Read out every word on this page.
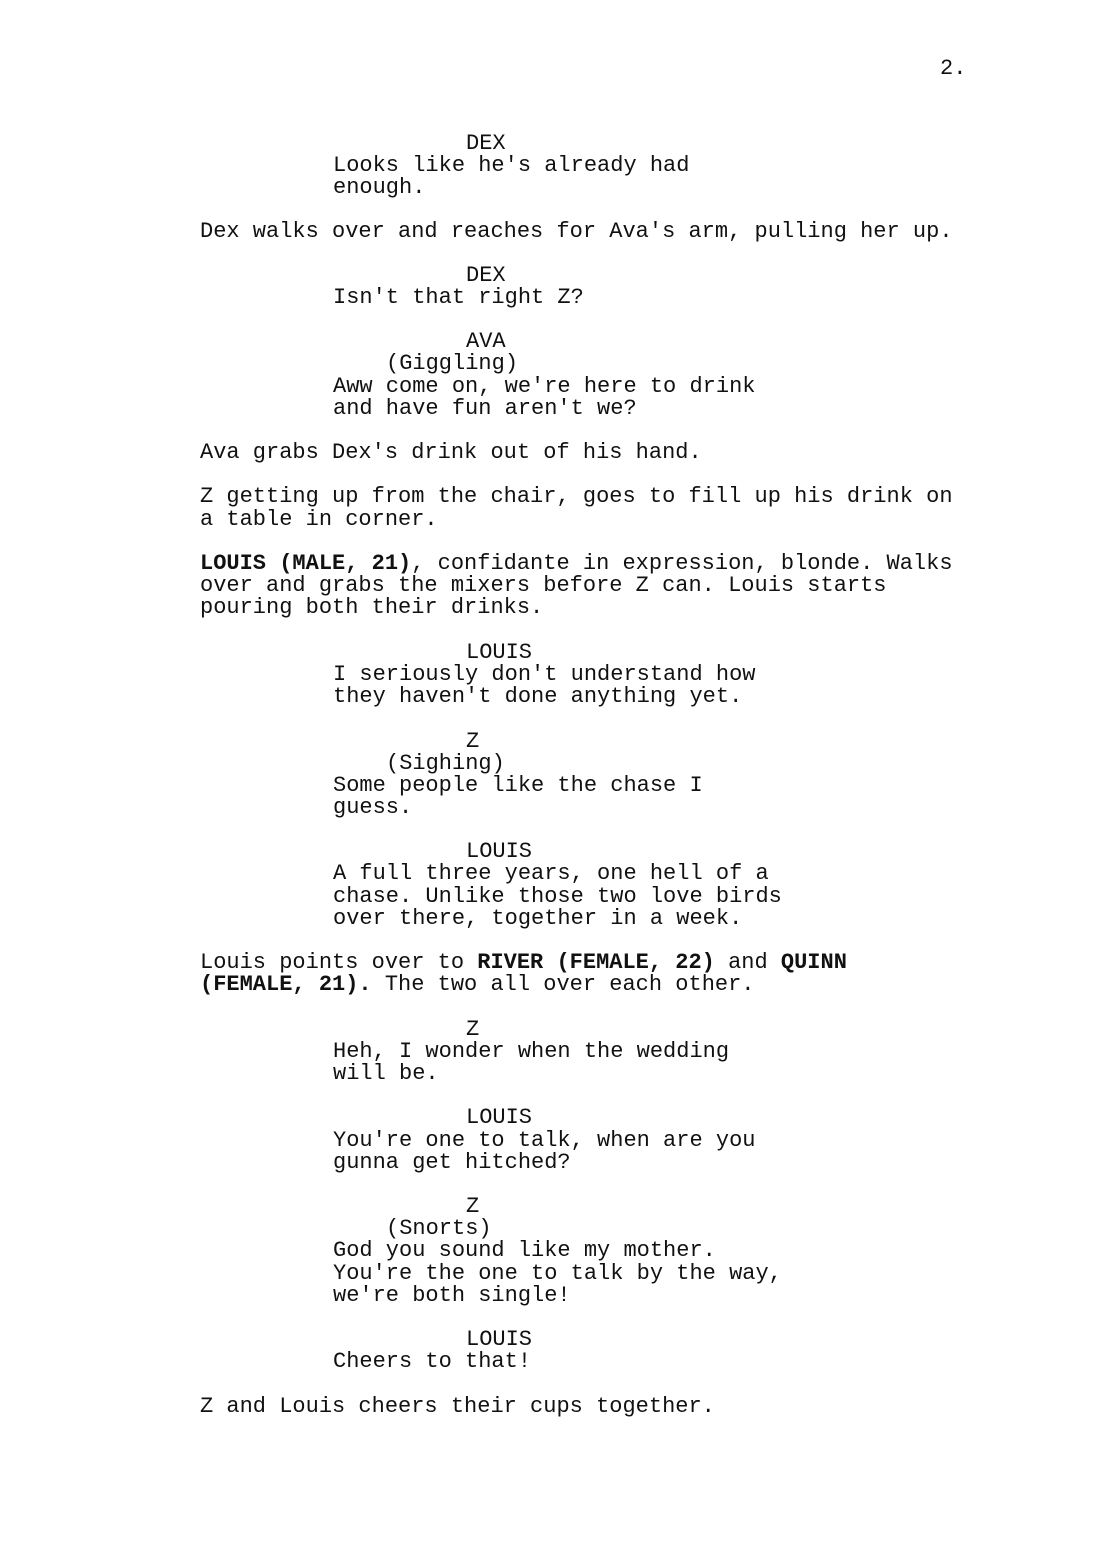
2.
DEX
Looks like he's already had
enough.
Dex walks over and reaches for Ava's arm, pulling her up.
DEX
Isn't that right Z?
AVA
(Giggling)
Aww come on, we're here to drink
and have fun aren't we?
Ava grabs Dex's drink out of his hand.
Z getting up from the chair, goes to fill up his drink on
a table in corner.
LOUIS (MALE, 21), confidante in expression, blonde. Walks
over and grabs the mixers before Z can. Louis starts
pouring both their drinks.
LOUIS
I seriously don't understand how
they haven't done anything yet.
Z
(Sighing)
Some people like the chase I
guess.
LOUIS
A full three years, one hell of a
chase. Unlike those two love birds
over there, together in a week.
Louis points over to RIVER (FEMALE, 22) and QUINN
(FEMALE, 21). The two all over each other.
Z
Heh, I wonder when the wedding
will be.
LOUIS
You're one to talk, when are you
gunna get hitched?
Z
(Snorts)
God you sound like my mother.
You're the one to talk by the way,
we're both single!
LOUIS
Cheers to that!
Z and Louis cheers their cups together.
